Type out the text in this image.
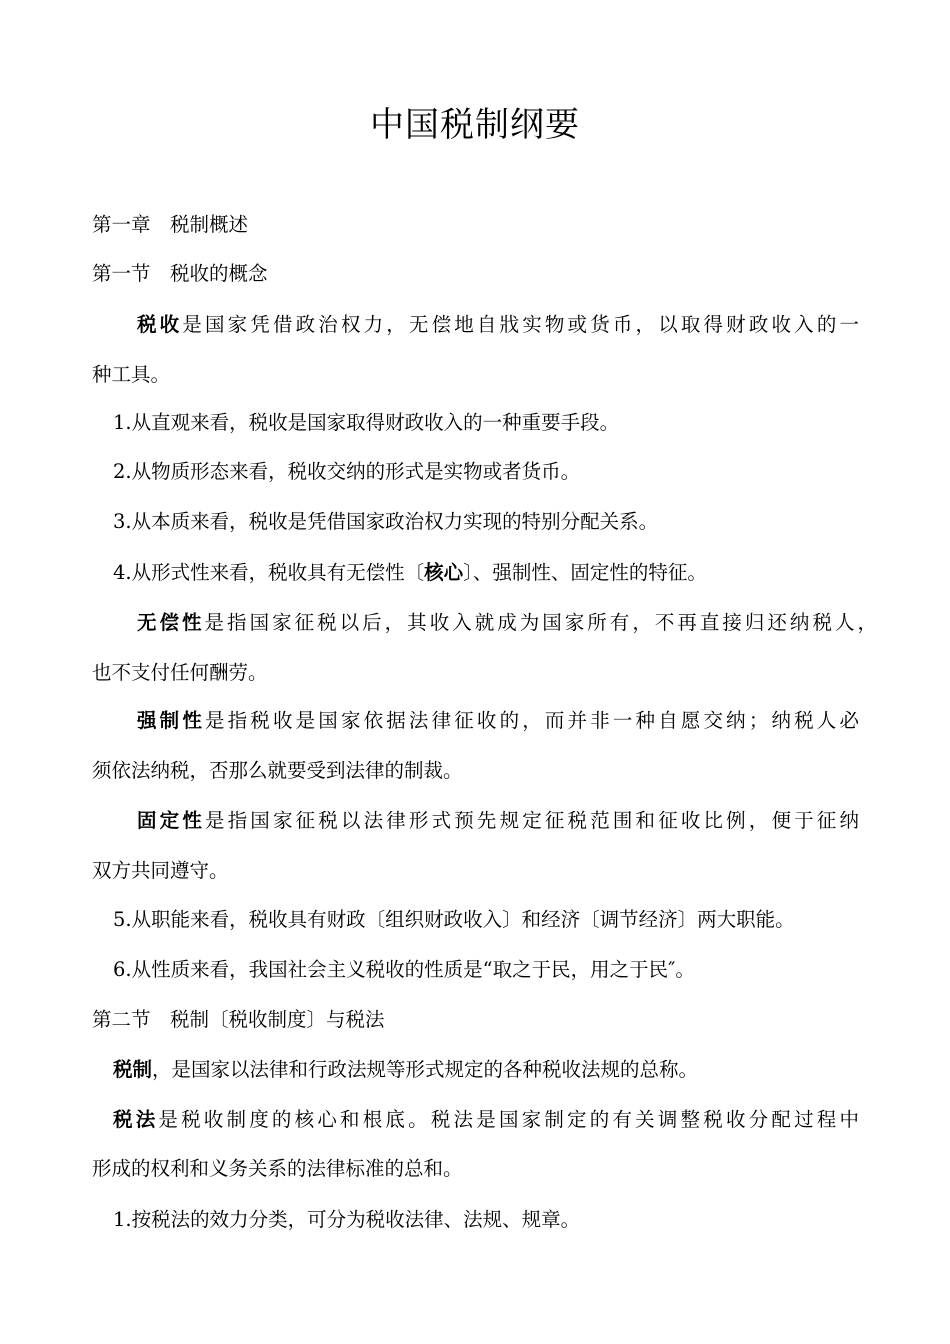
中国税制纲要
第一章　税制概述
第一节　税收的概念
税收是国家凭借政治权力，无偿地自戕实物或货币，以取得财政收入的一
种工具。
1.从直观来看，税收是国家取得财政收入的一种重要手段。
2.从物质形态来看，税收交纳的形式是实物或者货币。
3.从本质来看，税收是凭借国家政治权力实现的特别分配关系。
4.从形式性来看，税收具有无偿性〔核心〕、强制性、固定性的特征。
无偿性是指国家征税以后，其收入就成为国家所有，不再直接归还纳税人，
也不支付任何酬劳。
强制性是指税收是国家依据法律征收的，而并非一种自愿交纳；纳税人必
须依法纳税，否那么就要受到法律的制裁。
固定性是指国家征税以法律形式预先规定征税范围和征收比例，便于征纳
双方共同遵守。
5.从职能来看，税收具有财政〔组织财政收入〕和经济〔调节经济〕两大职能。
6.从性质来看，我国社会主义税收的性质是“取之于民，用之于民″。
第二节　税制〔税收制度〕与税法
税制，是国家以法律和行政法规等形式规定的各种税收法规的总称。
税法是税收制度的核心和根底。税法是国家制定的有关调整税收分配过程中
形成的权利和义务关系的法律标准的总和。
1.按税法的效力分类，可分为税收法律、法规、规章。
